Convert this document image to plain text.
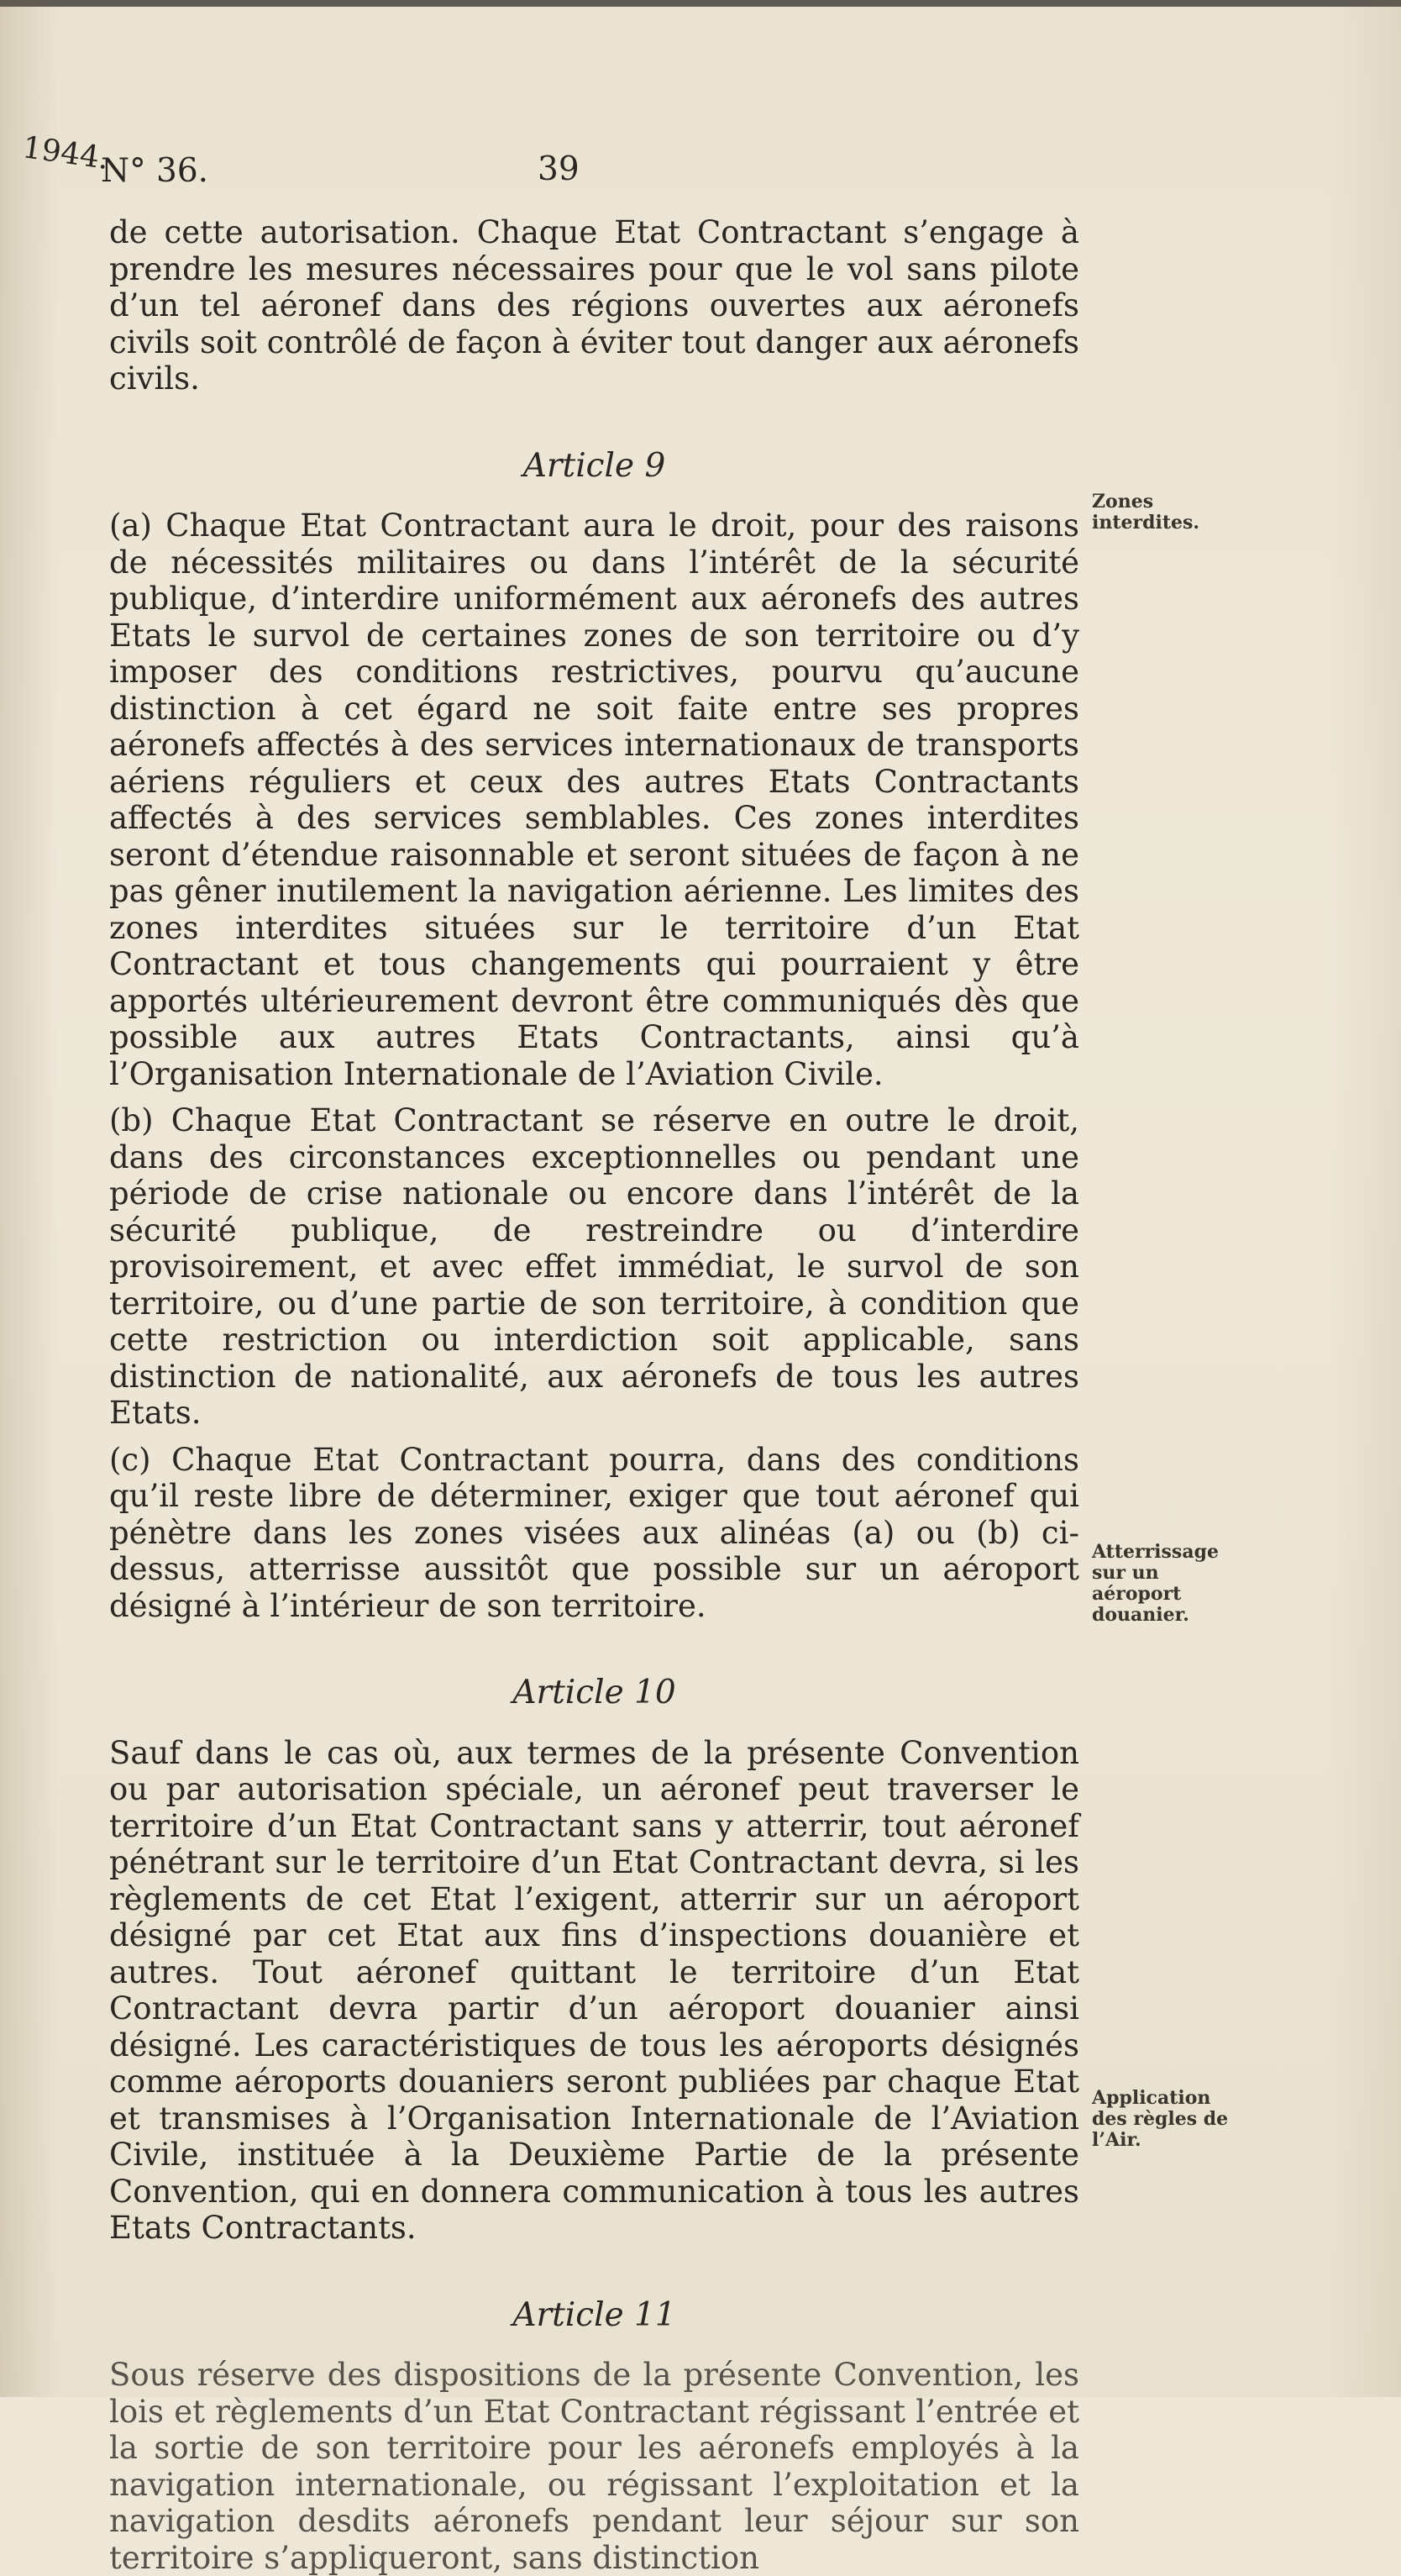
1944.
N° 36.	39

de cette autorisation. Chaque Etat Contractant s’engage à prendre les mesures nécessaires pour que le vol sans pilote d’un tel aéronef dans des régions ouvertes aux aéronefs civils soit contrôlé de façon à éviter tout danger aux aéronefs civils.

Article 9

(a) Chaque Etat Contractant aura le droit, pour des raisons de nécessités militaires ou dans l’intérêt de la sécurité publique, d’interdire uniformément aux aéronefs des autres Etats le survol de certaines zones de son territoire ou d’y imposer des conditions restrictives, pourvu qu’aucune distinction à cet égard ne soit faite entre ses propres aéronefs affectés à des services internationaux de transports aériens réguliers et ceux des autres Etats Contractants affectés à des services semblables. Ces zones interdites seront d’étendue raisonnable et seront situées de façon à ne pas gêner inutilement la navigation aérienne. Les limites des zones interdites situées sur le territoire d’un Etat Contractant et tous changements qui pourraient y être apportés ultérieurement devront être communiqués dès que possible aux autres Etats Contractants, ainsi qu’à l’Organisation Internationale de l’Aviation Civile.

(b) Chaque Etat Contractant se réserve en outre le droit, dans des circonstances exceptionnelles ou pendant une période de crise nationale ou encore dans l’intérêt de la sécurité publique, de restreindre ou d’interdire provisoirement, et avec effet immédiat, le survol de son territoire, ou d’une partie de son territoire, à condition que cette restriction ou interdiction soit applicable, sans distinction de nationalité, aux aéronefs de tous les autres Etats.

(c) Chaque Etat Contractant pourra, dans des conditions qu’il reste libre de déterminer, exiger que tout aéronef qui pénètre dans les zones visées aux alinéas (a) ou (b) ci-dessus, atterrisse aussitôt que possible sur un aéroport désigné à l’intérieur de son territoire.

Article 10

Sauf dans le cas où, aux termes de la présente Convention ou par autorisation spéciale, un aéronef peut traverser le territoire d’un Etat Contractant sans y atterrir, tout aéronef pénétrant sur le territoire d’un Etat Contractant devra, si les règlements de cet Etat l’exigent, atterrir sur un aéroport désigné par cet Etat aux fins d’inspections douanière et autres. Tout aéronef quittant le territoire d’un Etat Contractant devra partir d’un aéroport douanier ainsi désigné. Les caractéristiques de tous les aéroports désignés comme aéroports douaniers seront publiées par chaque Etat et transmises à l’Organisation Internationale de l’Aviation Civile, instituée à la Deuxième Partie de la présente Convention, qui en donnera communication à tous les autres Etats Contractants.

Article 11

Sous réserve des dispositions de la présente Convention, les lois et règlements d’un Etat Contractant régissant l’entrée et la sortie de son territoire pour les aéronefs employés à la navigation internationale, ou régissant l’exploitation et la navigation desdits aéronefs pendant leur séjour sur son territoire s’appliqueront, sans distinction

Zones interdites.
Atterrissage sur un aéroport douanier.
Application des règles de l’Air.
